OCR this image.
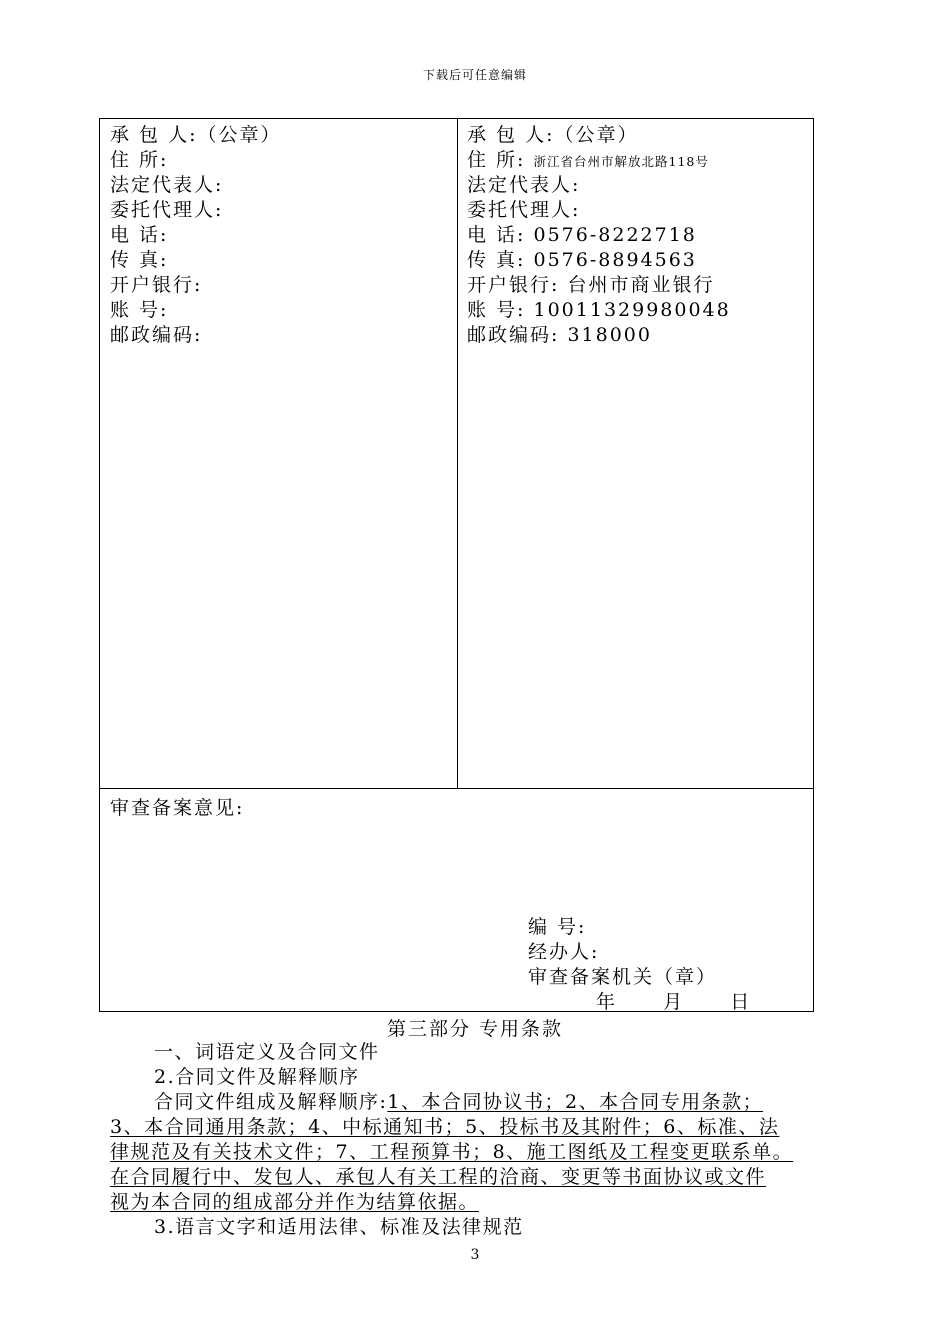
下载后可任意编辑
承 包 人:（公章）
住 所:
法定代表人:
委托代理人:
电 话:
传 真:
开户银行:
账 号:
邮政编码:
承 包 人:（公章）
住 所: 浙江省台州市解放北路118号
法定代表人:
委托代理人:
电 话: 0576-8222718
传 真: 0576-8894563
开户银行: 台州市商业银行
账 号: 10011329980048
邮政编码: 318000
审查备案意见:
编 号:
经办人:
审查备案机关（章）
年 月 日
第三部分 专用条款
一、词语定义及合同文件
2.合同文件及解释顺序
合同文件组成及解释顺序:1、本合同协议书；2、本合同专用条款；
3、本合同通用条款；4、中标通知书；5、投标书及其附件；6、标准、法
律规范及有关技术文件；7、工程预算书；8、施工图纸及工程变更联系单。
在合同履行中、发包人、承包人有关工程的洽商、变更等书面协议或文件
视为本合同的组成部分并作为结算依据。
3.语言文字和适用法律、标准及法律规范
3
